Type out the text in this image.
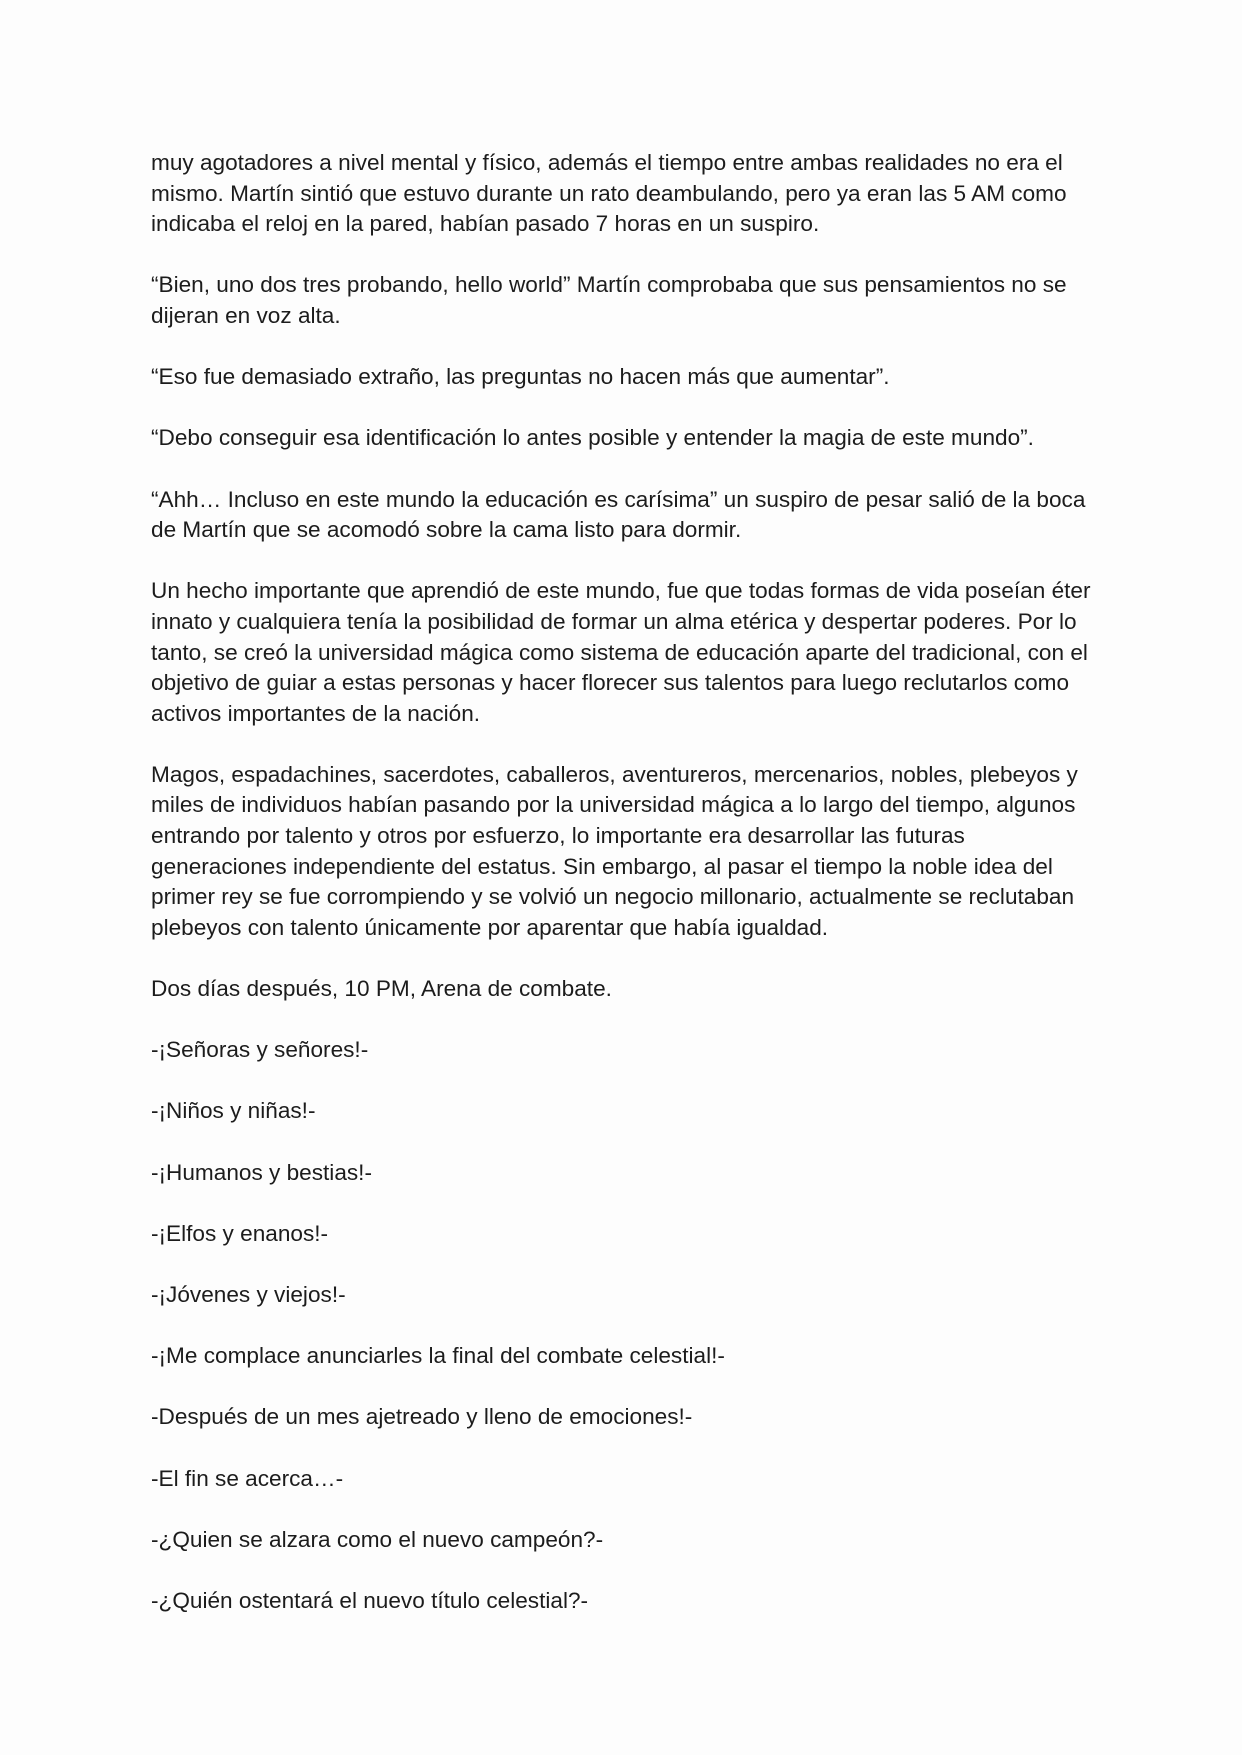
muy agotadores a nivel mental y físico, además el tiempo entre ambas realidades no era el mismo. Martín sintió que estuvo durante un rato deambulando, pero ya eran las 5 AM como indicaba el reloj en la pared, habían pasado 7 horas en un suspiro.

“Bien, uno dos tres probando, hello world” Martín comprobaba que sus pensamientos no se dijeran en voz alta.

“Eso fue demasiado extraño, las preguntas no hacen más que aumentar”.

“Debo conseguir esa identificación lo antes posible y entender la magia de este mundo”.

“Ahh… Incluso en este mundo la educación es carísima” un suspiro de pesar salió de la boca de Martín que se acomodó sobre la cama listo para dormir.

Un hecho importante que aprendió de este mundo, fue que todas formas de vida poseían éter innato y cualquiera tenía la posibilidad de formar un alma etérica y despertar poderes. Por lo tanto, se creó la universidad mágica como sistema de educación aparte del tradicional, con el objetivo de guiar a estas personas y hacer florecer sus talentos para luego reclutarlos como activos importantes de la nación.

Magos, espadachines, sacerdotes, caballeros, aventureros, mercenarios, nobles, plebeyos y miles de individuos habían pasando por la universidad mágica a lo largo del tiempo, algunos entrando por talento y otros por esfuerzo, lo importante era desarrollar las futuras generaciones independiente del estatus. Sin embargo, al pasar el tiempo la noble idea del primer rey se fue corrompiendo y se volvió un negocio millonario, actualmente se reclutaban plebeyos con talento únicamente por aparentar que había igualdad.

Dos días después, 10 PM, Arena de combate.

-¡Señoras y señores!-

-¡Niños y niñas!-

-¡Humanos y bestias!-

-¡Elfos y enanos!-

-¡Jóvenes y viejos!-

-¡Me complace anunciarles la final del combate celestial!-

-Después de un mes ajetreado y lleno de emociones!-

-El fin se acerca…-

-¿Quien se alzara como el nuevo campeón?-

-¿Quién ostentará el nuevo título celestial?-
